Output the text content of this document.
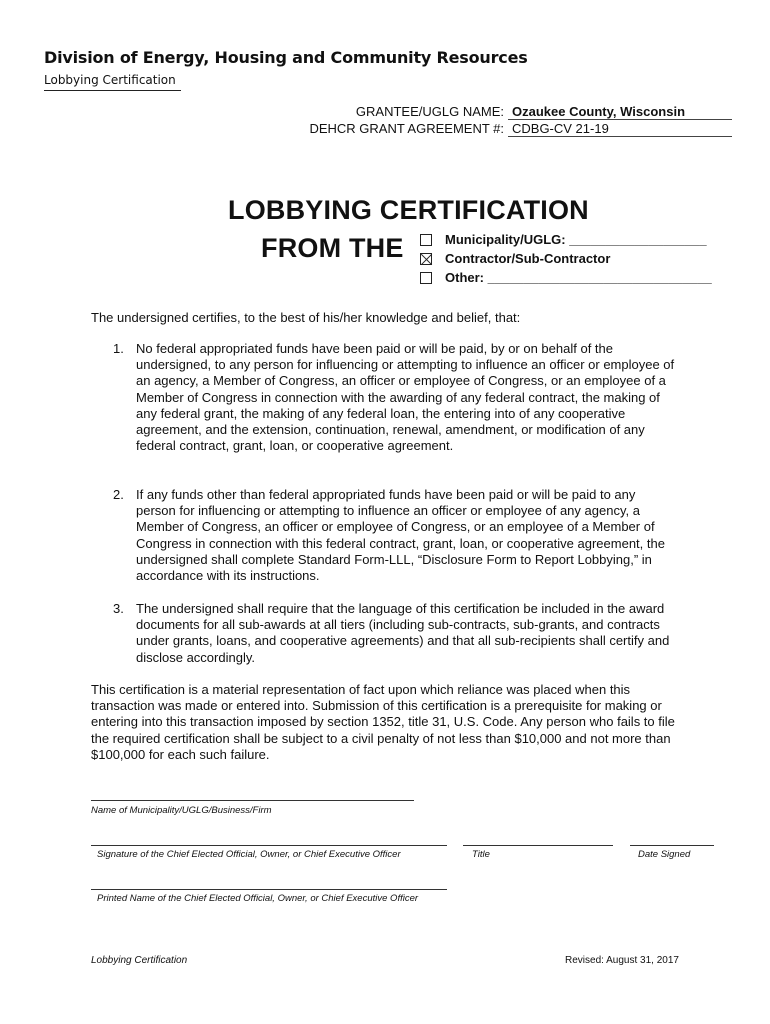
Division of Energy, Housing and Community Resources
Lobbying Certification
GRANTEE/UGLG NAME: Ozaukee County, Wisconsin
DEHCR GRANT AGREEMENT #: CDBG-CV 21-19
LOBBYING CERTIFICATION
FROM THE	Municipality/UGLG: ___________________
Contractor/Sub-Contractor
Other: _______________________________
The undersigned certifies, to the best of his/her knowledge and belief, that:
1. No federal appropriated funds have been paid or will be paid, by or on behalf of the undersigned, to any person for influencing or attempting to influence an officer or employee of an agency, a Member of Congress, an officer or employee of Congress, or an employee of a Member of Congress in connection with the awarding of any federal contract, the making of any federal grant, the making of any federal loan, the entering into of any cooperative agreement, and the extension, continuation, renewal, amendment, or modification of any federal contract, grant, loan, or cooperative agreement.
2. If any funds other than federal appropriated funds have been paid or will be paid to any person for influencing or attempting to influence an officer or employee of any agency, a Member of Congress, an officer or employee of Congress, or an employee of a Member of Congress in connection with this federal contract, grant, loan, or cooperative agreement, the undersigned shall complete Standard Form-LLL, “Disclosure Form to Report Lobbying,” in accordance with its instructions.
3. The undersigned shall require that the language of this certification be included in the award documents for all sub-awards at all tiers (including sub-contracts, sub-grants, and contracts under grants, loans, and cooperative agreements) and that all sub-recipients shall certify and disclose accordingly.
This certification is a material representation of fact upon which reliance was placed when this transaction was made or entered into. Submission of this certification is a prerequisite for making or entering into this transaction imposed by section 1352, title 31, U.S. Code. Any person who fails to file the required certification shall be subject to a civil penalty of not less than $10,000 and not more than $100,000 for each such failure.
Name of Municipality/UGLG/Business/Firm
Signature of the Chief Elected Official, Owner, or Chief Executive Officer	Title	Date Signed
Printed Name of the Chief Elected Official, Owner, or Chief Executive Officer
Lobbying Certification	Revised: August 31, 2017
